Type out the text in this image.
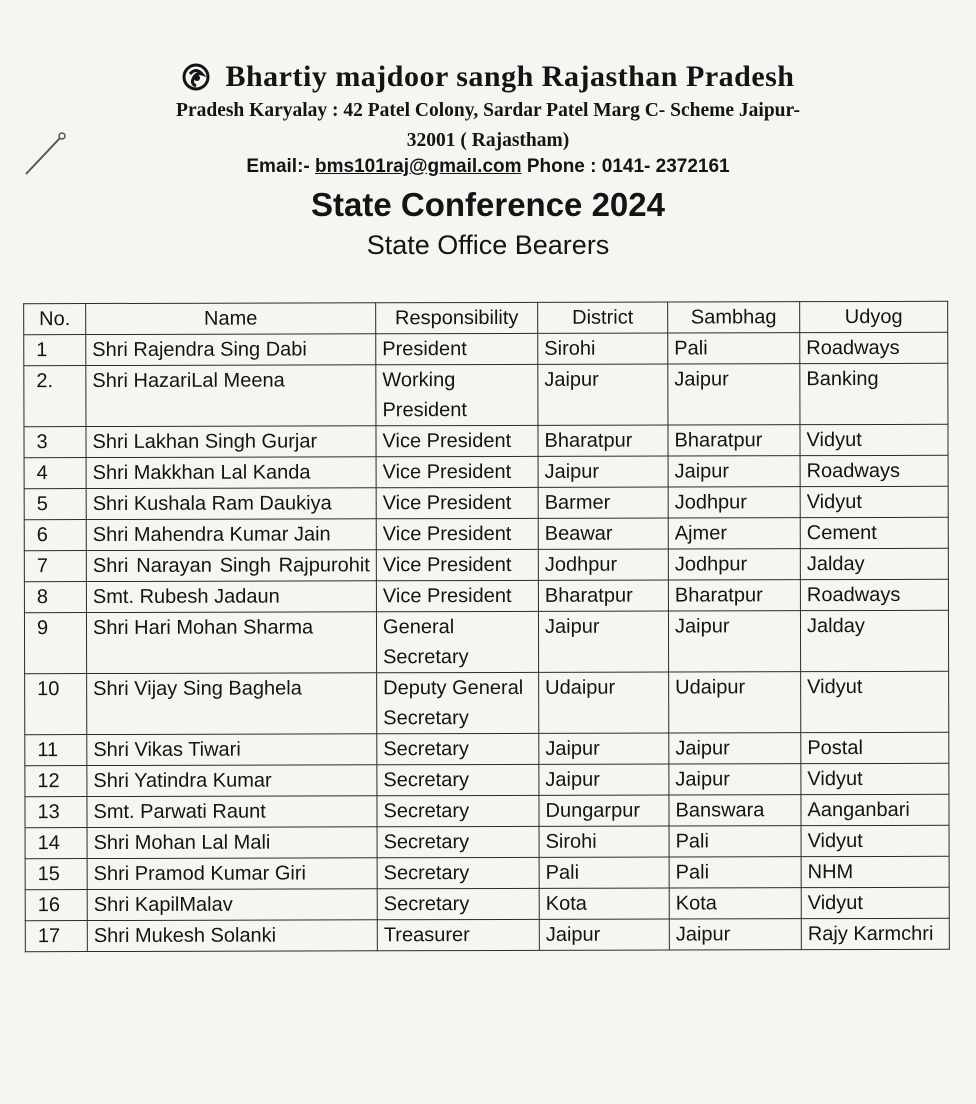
Bhartiy majdoor sangh Rajasthan Pradesh
Pradesh Karyalay : 42 Patel Colony, Sardar Patel Marg C- Scheme Jaipur-
32001 ( Rajastham)
Email:- bms101raj@gmail.com Phone : 0141- 2372161
State Conference 2024
State Office Bearers
No.	Name	Responsibility	District	Sambhag	Udyog
1	Shri Rajendra Sing Dabi	President	Sirohi	Pali	Roadways
2.	Shri HazariLal Meena	Working President	Jaipur	Jaipur	Banking
3	Shri Lakhan Singh Gurjar	Vice President	Bharatpur	Bharatpur	Vidyut
4	Shri Makkhan Lal Kanda	Vice President	Jaipur	Jaipur	Roadways
5	Shri Kushala Ram Daukiya	Vice President	Barmer	Jodhpur	Vidyut
6	Shri Mahendra Kumar Jain	Vice President	Beawar	Ajmer	Cement
7	Shri Narayan Singh Rajpurohit	Vice President	Jodhpur	Jodhpur	Jalday
8	Smt. Rubesh Jadaun	Vice President	Bharatpur	Bharatpur	Roadways
9	Shri Hari Mohan Sharma	General Secretary	Jaipur	Jaipur	Jalday
10	Shri Vijay Sing Baghela	Deputy General Secretary	Udaipur	Udaipur	Vidyut
11	Shri Vikas Tiwari	Secretary	Jaipur	Jaipur	Postal
12	Shri Yatindra Kumar	Secretary	Jaipur	Jaipur	Vidyut
13	Smt. Parwati Raunt	Secretary	Dungarpur	Banswara	Aanganbari
14	Shri Mohan Lal Mali	Secretary	Sirohi	Pali	Vidyut
15	Shri Pramod Kumar Giri	Secretary	Pali	Pali	NHM
16	Shri KapilMalav	Secretary	Kota	Kota	Vidyut
17	Shri Mukesh Solanki	Treasurer	Jaipur	Jaipur	Rajy Karmchri
